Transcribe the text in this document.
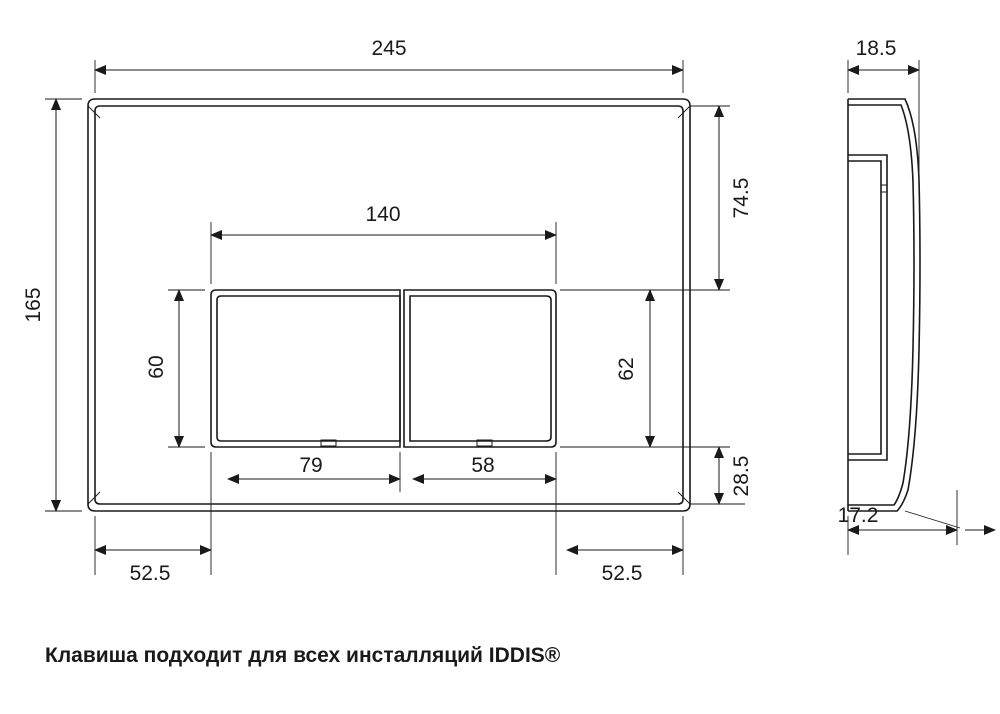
245
165
140	74.5
62
28.5
60
79	58
52.5	52.5
18.5
17.2
Клавиша подходит для всех инсталляций IDDIS®
